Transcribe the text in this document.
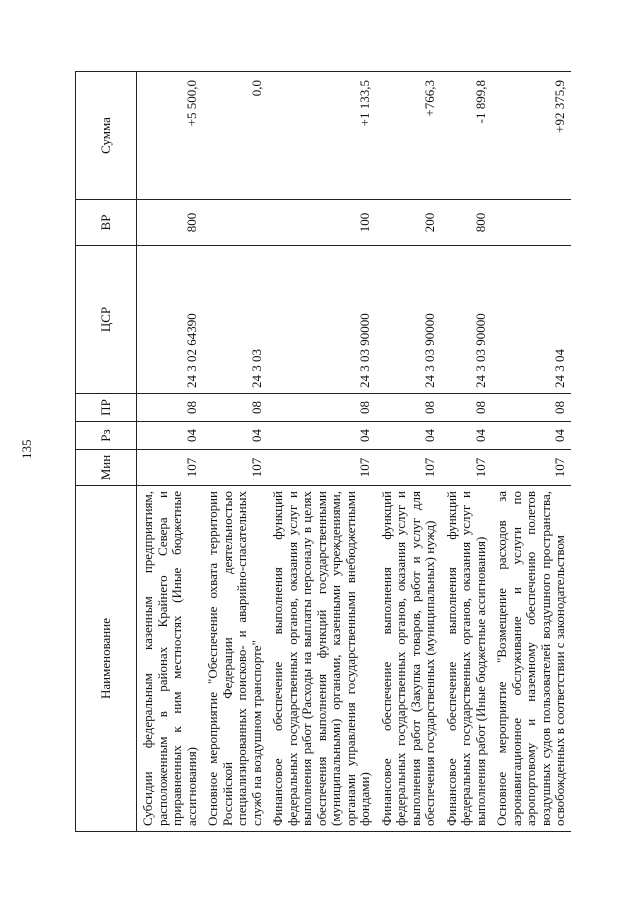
135
Наименование	Мин	Рз	ПР	ЦСР	ВР	Сумма
Субсидии федеральным казенным предприятиям, расположенным в районах Крайнего Севера и приравненных к ним местностях (Иные бюджетные ассигнования)	107	04	08	24 3 02 64390	800	+5 500,0
Основное мероприятие "Обеспечение охвата территории Российской Федерации деятельностью специализированных поисково- и аварийно-спасательных служб на воздушном транспорте"	107	04	08	24 3 03		0,0
Финансовое обеспечение выполнения функций федеральных государственных органов, оказания услуг и выполнения работ (Расходы на выплаты персоналу в целях обеспечения выполнения функций государственными (муниципальными) органами, казенными учреждениями, органами управления государственными внебюджетными фондами)	107	04	08	24 3 03 90000	100	+1 133,5
Финансовое обеспечение выполнения функций федеральных государственных органов, оказания услуг и выполнения работ (Закупка товаров, работ и услуг для обеспечения государственных (муниципальных) нужд)	107	04	08	24 3 03 90000	200	+766,3
Финансовое обеспечение выполнения функций федеральных государственных органов, оказания услуг и выполнения работ (Иные бюджетные ассигнования)	107	04	08	24 3 03 90000	800	-1 899,8
Основное мероприятие "Возмещение расходов за аэронавигационное обслуживание и услуги по аэропортовому и наземному обеспечению полетов воздушных судов пользователей воздушного пространства, освобожденных в соответствии с законодательством	107	04	08	24 3 04		+92 375,9
